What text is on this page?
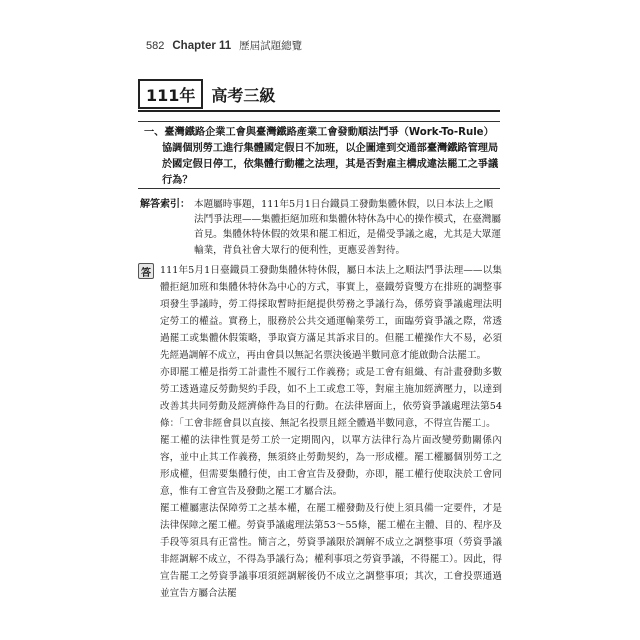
582 Chapter 11 歷屆試題總覽
111年	高考三級

一、臺灣鐵路企業工會與臺灣鐵路產業工會發動順法鬥爭（Work-To-Rule）協調個別勞工進行集體國定假日不加班，以企圖達到交通部臺灣鐵路管理局於國定假日停工，依集體行動權之法理，其是否對雇主構成違法罷工之爭議行為？

解答索引： 本題屬時事題，111年5月1日台鐵員工發動集體休假，以日本法上之順法鬥爭法理——集體拒絕加班和集體休特休為中心的操作模式，在臺灣屬首見。集體休特休假的效果和罷工相近，是備受爭議之處，尤其是大眾運輸業，背負社會大眾行的便利性，更應妥善對待。

答 111年5月1日臺鐵員工發動集體休特休假，屬日本法上之順法鬥爭法理——以集體拒絕加班和集體休特休為中心的方式，事實上，臺鐵勞資雙方在排班的調整事項發生爭議時，勞工得採取暫時拒絕提供勞務之爭議行為，係勞資爭議處理法明定勞工的權益。實務上，服務於公共交通運輸業勞工，面臨勞資爭議之際，常透過罷工或集體休假策略，爭取資方滿足其訴求目的。但罷工權操作大不易，必須先經過調解不成立，再由會員以無記名票決後過半數同意才能啟動合法罷工。

亦即罷工權是指勞工計畫性不履行工作義務；或是工會有組織、有計畫發動多數勞工透過違反勞動契約手段，如不上工或怠工等，對雇主施加經濟壓力，以達到改善其共同勞動及經濟條件為目的行動。在法律層面上，依勞資爭議處理法第54條：「工會非經會員以直接、無記名投票且經全體過半數同意，不得宣告罷工」。

罷工權的法律性質是勞工於一定期間內，以單方法律行為片面改變勞動關係內容，並中止其工作義務，無須終止勞動契約，為一形成權。罷工權屬個別勞工之形成權，但需要集體行使，由工會宣告及發動，亦即，罷工權行使取決於工會同意，惟有工會宣告及發動之罷工才屬合法。

罷工權屬憲法保障勞工之基本權，在罷工權發動及行使上須具備一定要件，才是法律保障之罷工權。勞資爭議處理法第53～55條，罷工權在主體、目的、程序及手段等須具有正當性。簡言之，勞資爭議限於調解不成立之調整事項（勞資爭議非經調解不成立，不得為爭議行為；權利事項之勞資爭議，不得罷工）。因此，得宣告罷工之勞資爭議事項須經調解後仍不成立之調整事項；其次，工會投票通過並宣告方屬合法罷
